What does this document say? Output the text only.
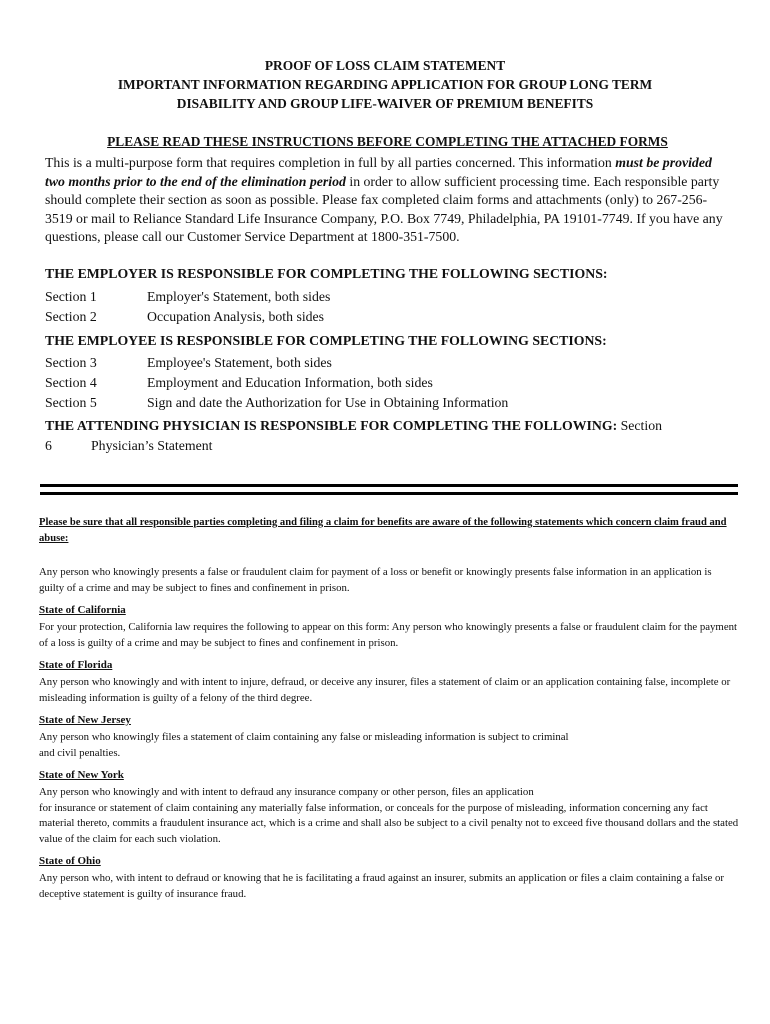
PROOF OF LOSS CLAIM STATEMENT
IMPORTANT INFORMATION REGARDING APPLICATION FOR GROUP LONG TERM
DISABILITY AND GROUP LIFE-WAIVER OF PREMIUM BENEFITS
PLEASE READ THESE INSTRUCTIONS BEFORE COMPLETING THE ATTACHED FORMS
This is a multi-purpose form that requires completion in full by all parties concerned. This information must be provided two months prior to the end of the elimination period in order to allow sufficient processing time. Each responsible party should complete their section as soon as possible. Please fax completed claim forms and attachments (only) to 267-256-3519 or mail to Reliance Standard Life Insurance Company, P.O. Box 7749, Philadelphia, PA 19101-7749. If you have any questions, please call our Customer Service Department at 1800-351-7500.
THE EMPLOYER IS RESPONSIBLE FOR COMPLETING THE FOLLOWING SECTIONS:
Section 1	Employer's Statement, both sides
Section 2	Occupation Analysis, both sides
THE EMPLOYEE IS RESPONSIBLE FOR COMPLETING THE FOLLOWING SECTIONS:
Section 3	Employee's Statement, both sides
Section 4	Employment and Education Information, both sides
Section 5	Sign and date the Authorization for Use in Obtaining Information
THE ATTENDING PHYSICIAN IS RESPONSIBLE FOR COMPLETING THE FOLLOWING: Section
6	Physician’s Statement
Please be sure that all responsible parties completing and filing a claim for benefits are aware of the following statements which concern claim fraud and abuse:
Any person who knowingly presents a false or fraudulent claim for payment of a loss or benefit or knowingly presents false information in an application is guilty of a crime and may be subject to fines and confinement in prison.
State of California
For your protection, California law requires the following to appear on this form: Any person who knowingly presents a false or fraudulent claim for the payment of a loss is guilty of a crime and may be subject to fines and confinement in prison.
State of Florida
Any person who knowingly and with intent to injure, defraud, or deceive any insurer, files a statement of claim or an application containing false, incomplete or misleading information is guilty of a felony of the third degree.
State of New Jersey
Any person who knowingly files a statement of claim containing any false or misleading information is subject to criminal
and civil penalties.
State of New York
Any person who knowingly and with intent to defraud any insurance company or other person, files an application
for insurance or statement of claim containing any materially false information, or conceals for the purpose of misleading, information concerning any fact material thereto, commits a fraudulent insurance act, which is a crime and shall also be subject to a civil penalty not to exceed five thousand dollars and the stated value of the claim for each such violation.
State of Ohio
Any person who, with intent to defraud or knowing that he is facilitating a fraud against an insurer, submits an application or files a claim containing a false or deceptive statement is guilty of insurance fraud.
